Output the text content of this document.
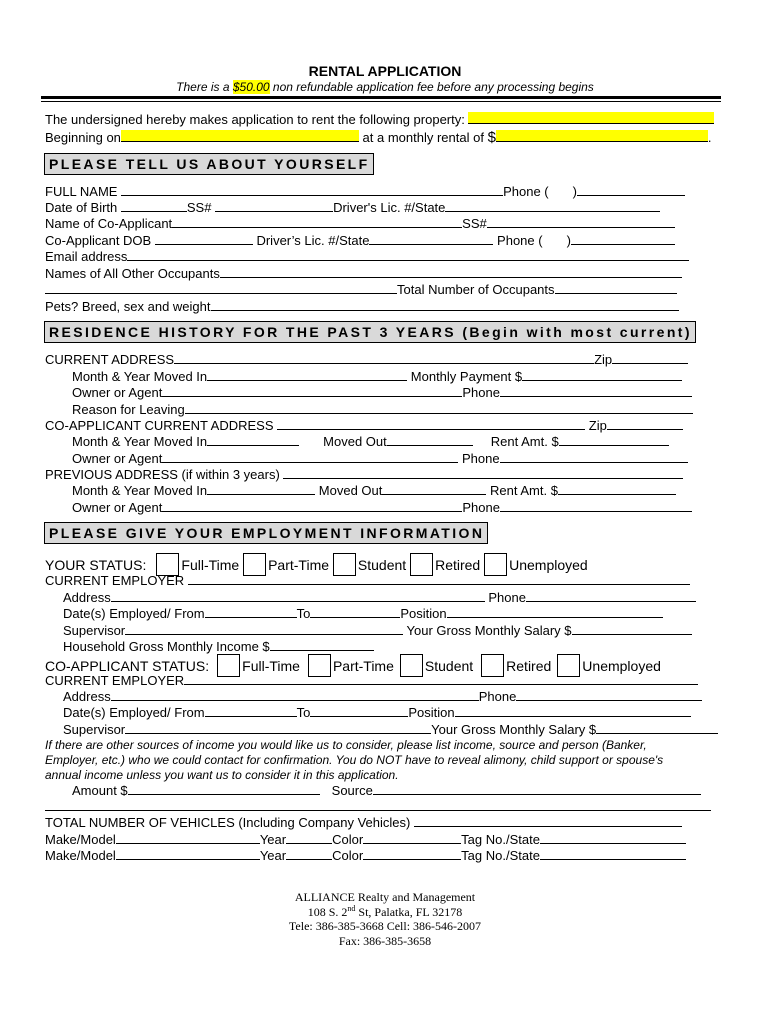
RENTAL APPLICATION
There is a $50.00 non refundable application fee before any processing begins
The undersigned hereby makes application to rent the following property:
Beginning on	at a monthly rental of $	.
PLEASE TELL US ABOUT YOURSELF
FULL NAME	Phone ( )
Date of Birth	SS#	Driver's Lic. #/State
Name of Co-Applicant	SS#
Co-Applicant DOB	Driver’s Lic. #/State	Phone ( )
Email address
Names of All Other Occupants
Total Number of Occupants
Pets? Breed, sex and weight
RESIDENCE HISTORY FOR THE PAST 3 YEARS (Begin with most current)
CURRENT ADDRESS	Zip
Month & Year Moved In	Monthly Payment $
Owner or Agent	Phone
Reason for Leaving
CO-APPLICANT CURRENT ADDRESS	Zip
Month & Year Moved In	Moved Out	Rent Amt. $
Owner or Agent	Phone
PREVIOUS ADDRESS (if within 3 years)
Month & Year Moved In	Moved Out	Rent Amt. $
Owner or Agent	Phone
PLEASE GIVE YOUR EMPLOYMENT INFORMATION
YOUR STATUS:	Full-Time Part-Time Student Retired Unemployed
CURRENT EMPLOYER
Address	Phone
Date(s) Employed/ From	To	Position
Supervisor	Your Gross Monthly Salary $
Household Gross Monthly Income $
CO-APPLICANT STATUS: Full-Time Part-Time Student Retired Unemployed
CURRENT EMPLOYER
Address	Phone
Date(s) Employed/ From	To	Position
Supervisor	Your Gross Monthly Salary $
If there are other sources of income you would like us to consider, please list income, source and person (Banker,
Employer, etc.) who we could contact for confirmation. You do NOT have to reveal alimony, child support or spouse's
annual income unless you want us to consider it in this application.
Amount $	Source
TOTAL NUMBER OF VEHICLES (Including Company Vehicles)
Make/Model	Year	Color	Tag No./State
Make/Model	Year	Color	Tag No./State
ALLIANCE Realty and Management
108 S. 2nd St, Palatka, FL 32178
Tele: 386-385-3668 Cell: 386-546-2007
Fax: 386-385-3658
